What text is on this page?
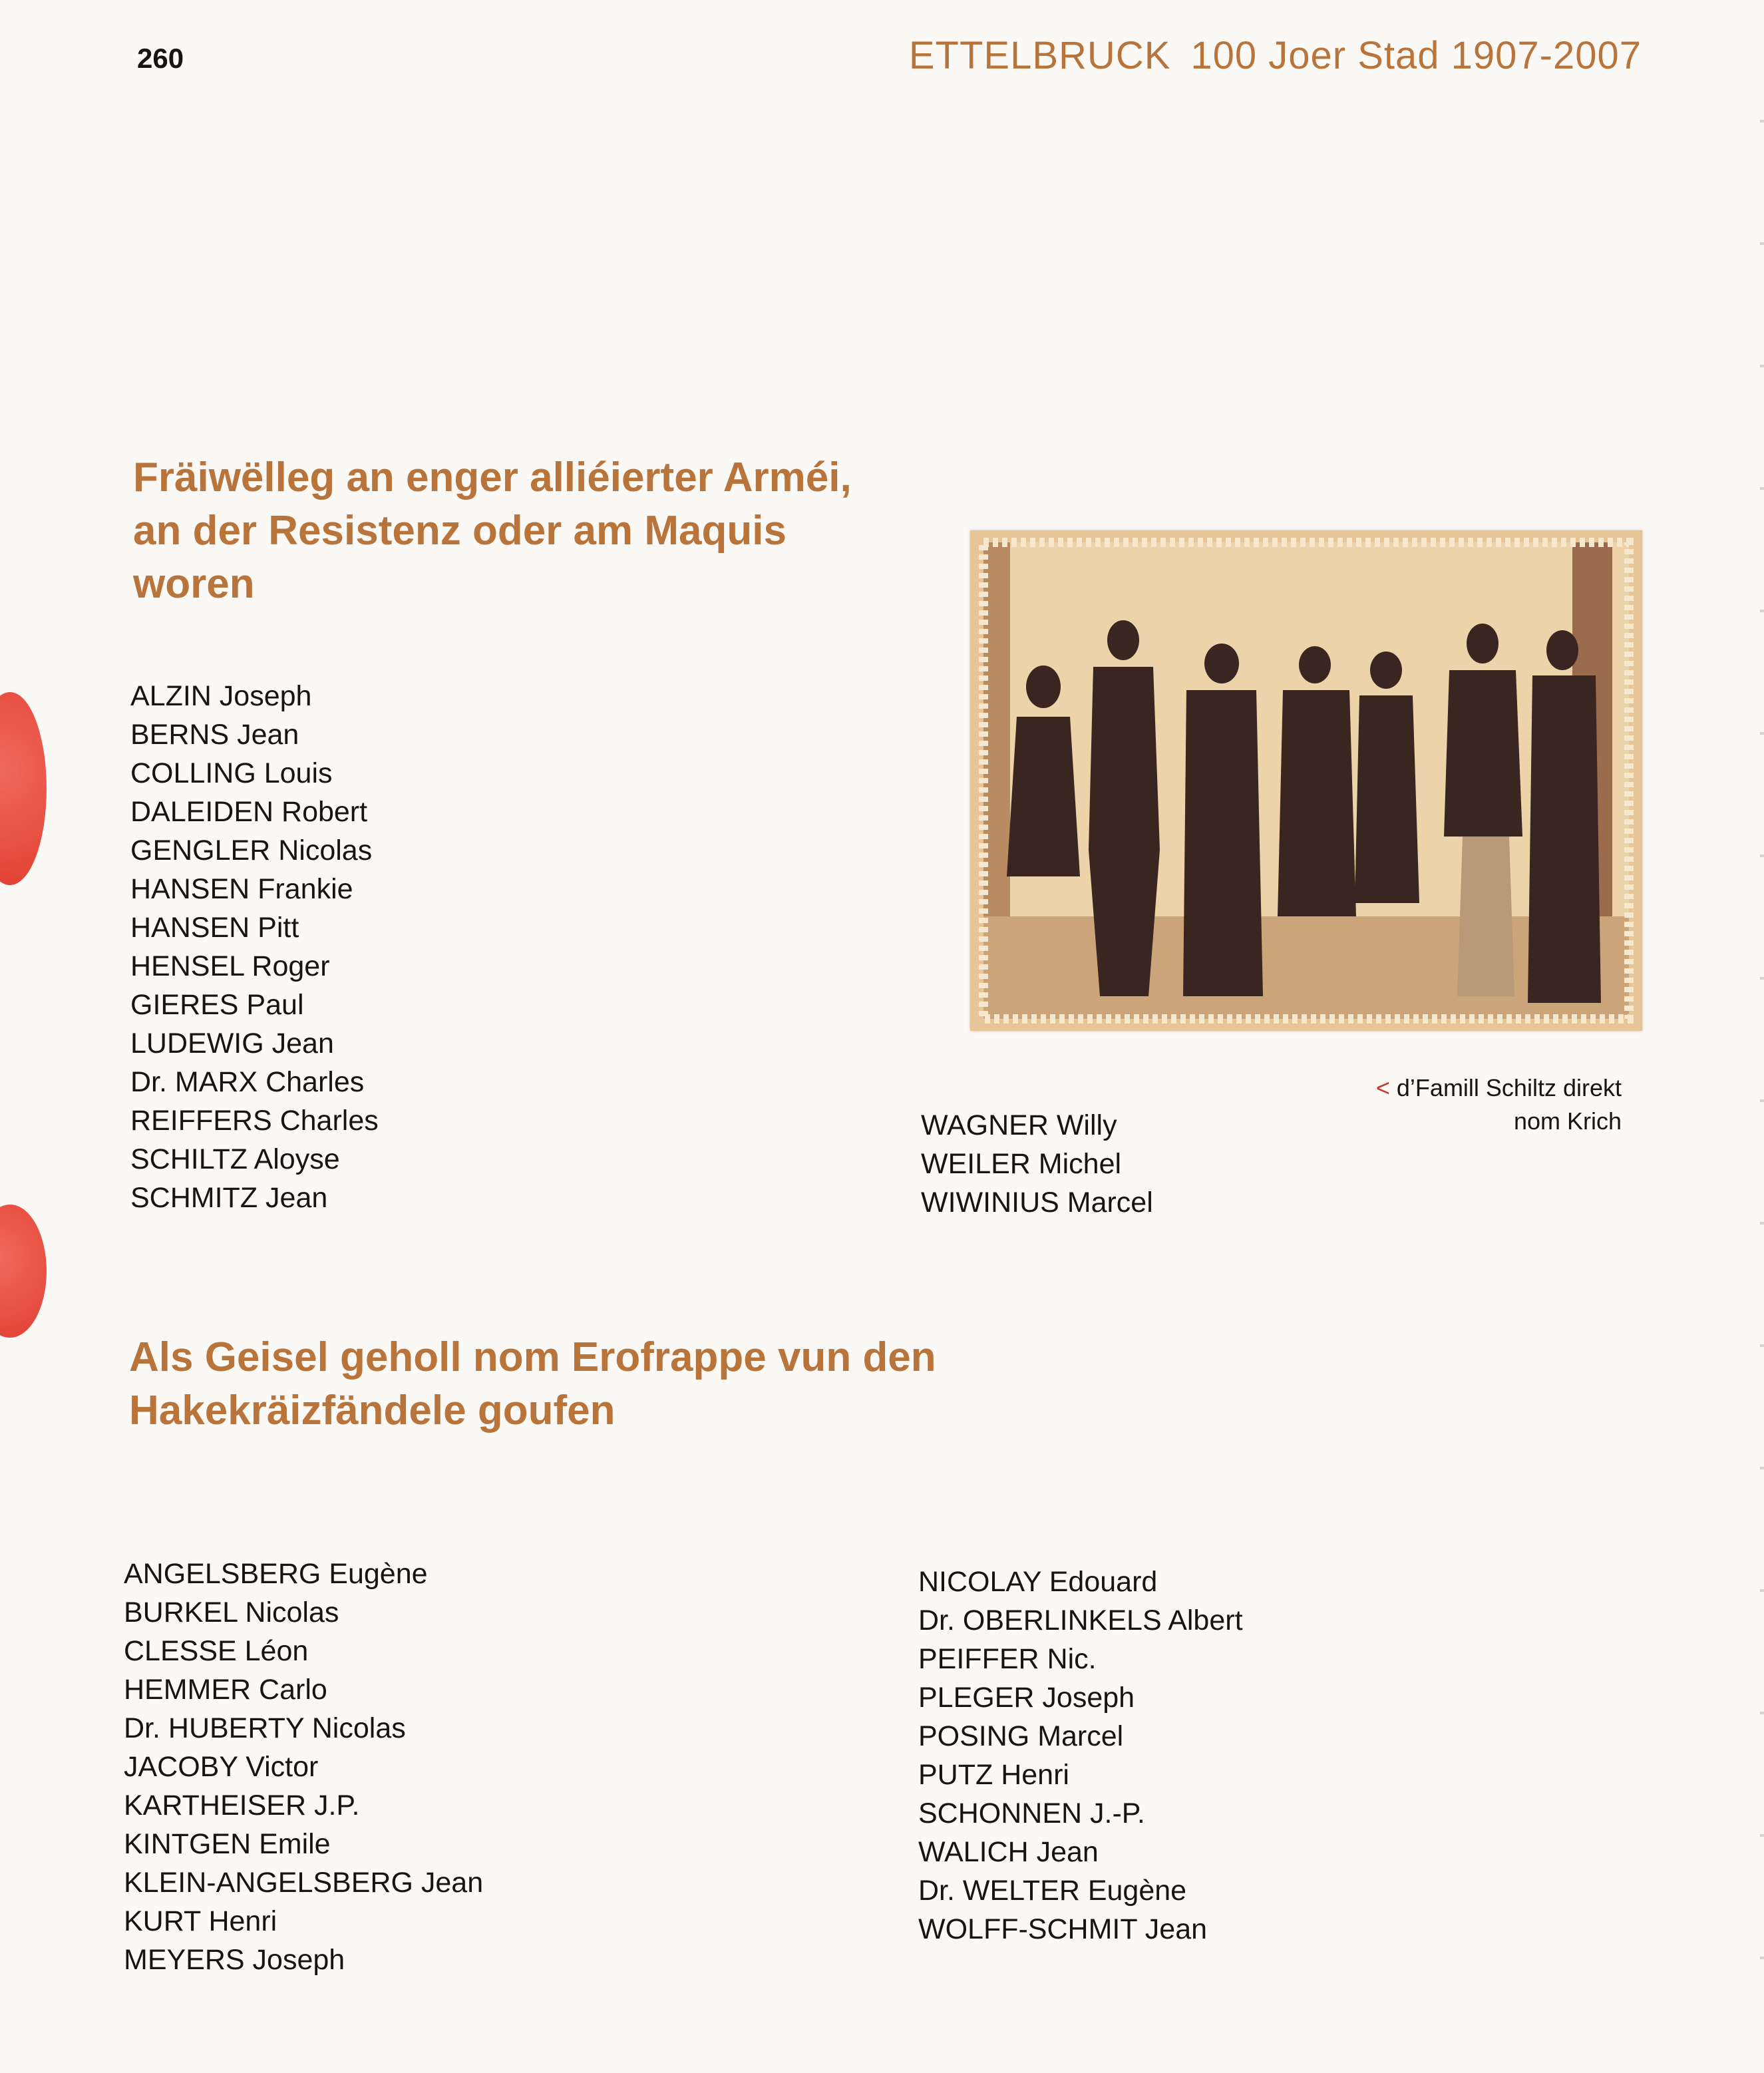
260	ETTELBRUCK 100 Joer Stad 1907-2007
Fräiwëlleg an enger alliéierter Arméi,
an der Resistenz oder am Maquis
woren
ALZIN Joseph
BERNS Jean
COLLING Louis
DALEIDEN Robert
GENGLER Nicolas
HANSEN Frankie
HANSEN Pitt
HENSEL Roger
GIERES Paul
LUDEWIG Jean
Dr. MARX Charles
REIFFERS Charles
SCHILTZ Aloyse
SCHMITZ Jean
WAGNER Willy
WEILER Michel
WIWINIUS Marcel
< d’Famill Schiltz direkt
nom Krich
Als Geisel geholl nom Erofrappe vun den
Hakekräizfändele goufen
ANGELSBERG Eugène
BURKEL Nicolas
CLESSE Léon
HEMMER Carlo
Dr. HUBERTY Nicolas
JACOBY Victor
KARTHEISER J.P.
KINTGEN Emile
KLEIN-ANGELSBERG Jean
KURT Henri
MEYERS Joseph
NICOLAY Edouard
Dr. OBERLINKELS Albert
PEIFFER Nic.
PLEGER Joseph
POSING Marcel
PUTZ Henri
SCHONNEN J.-P.
WALICH Jean
Dr. WELTER Eugène
WOLFF-SCHMIT Jean
